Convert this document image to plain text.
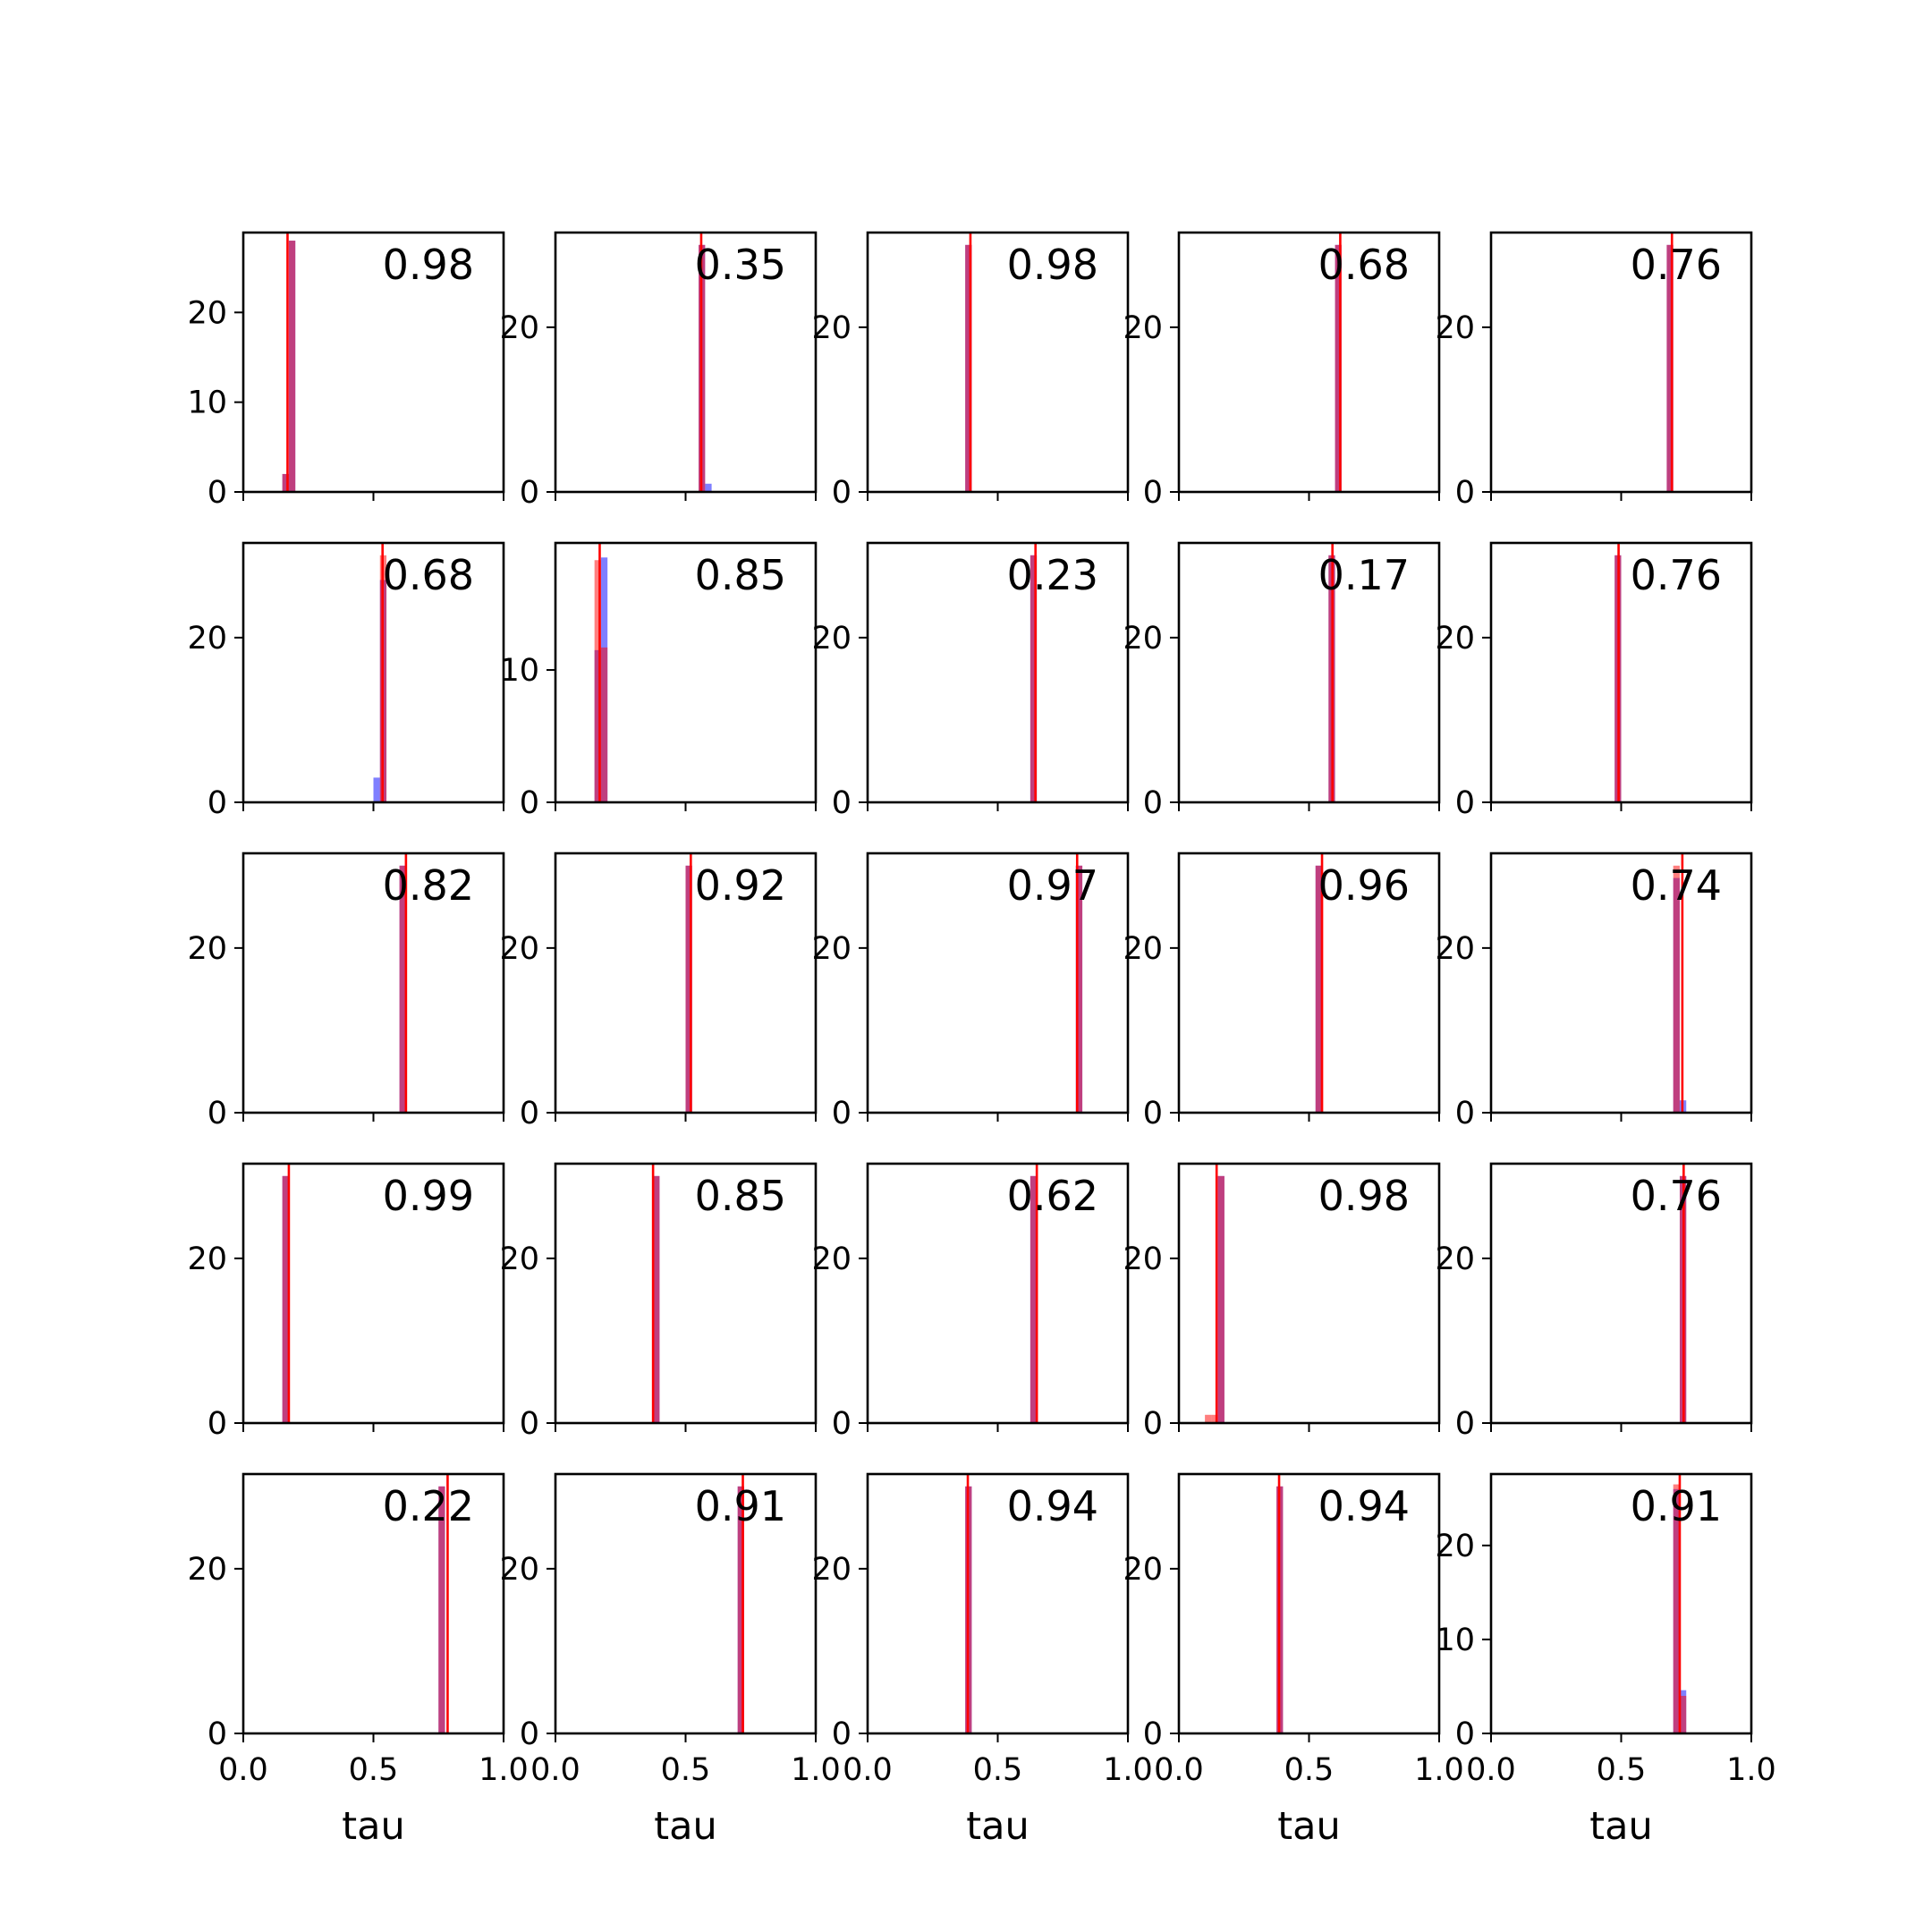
0
10
20
0.98
0
20
0.35
0
20
0.98
0
20
0.68
0
20
0.76
0
20
0.68
0
10
0.85
0
20
0.23
0
20
0.17
0
20
0.76
0
20
0.82
0
20
0.92
0
20
0.97
0
20
0.96
0
20
0.74
0
20
0.99
0
20
0.85
0
20
0.62
0
20
0.98
0
20
0.76
0
20
0.0	0.5	1.0
tau
0.22
0
20
0.0	0.5	1.0
tau
0.91
0
20
0.0	0.5	1.0
tau
0.94
0
20
0.0	0.5	1.0
tau
0.94
0
10
20
0.0	0.5	1.0
tau
0.91
